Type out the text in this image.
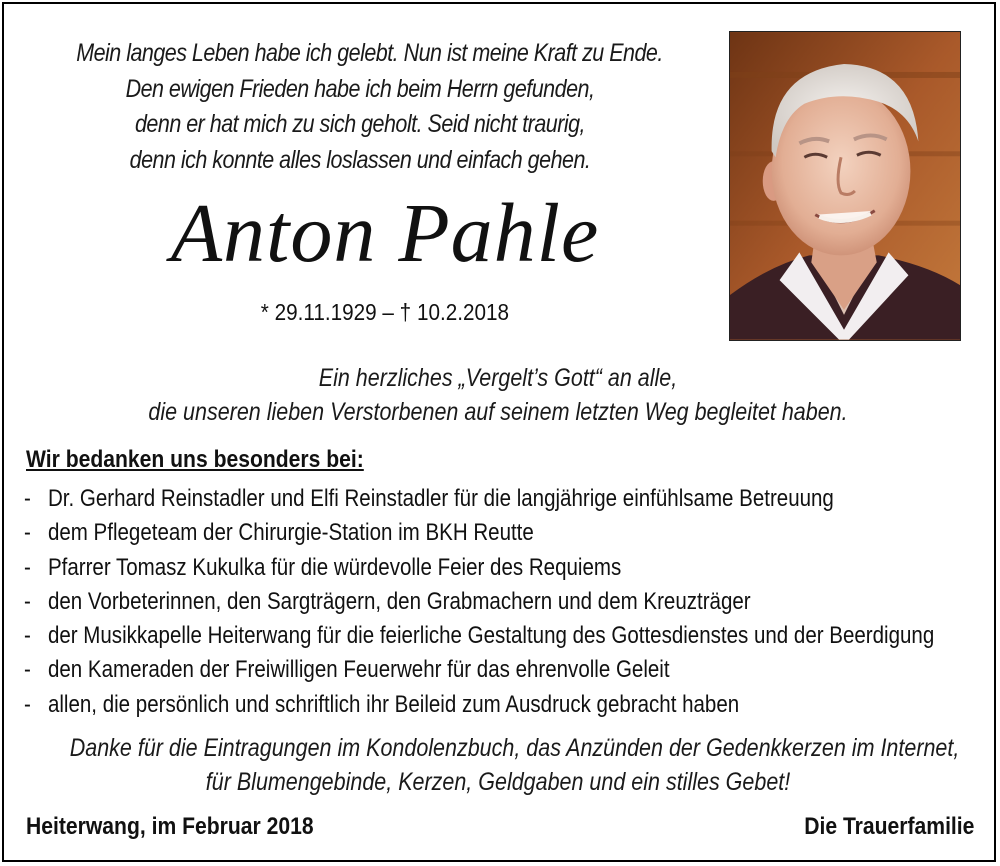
Mein langes Leben habe ich gelebt. Nun ist meine Kraft zu Ende.
Den ewigen Frieden habe ich beim Herrn gefunden,
denn er hat mich zu sich geholt. Seid nicht traurig,
denn ich konnte alles loslassen und einfach gehen.
Anton Pahle
* 29.11.1929 – † 10.2.2018
Ein herzliches „Vergelt’s Gott“ an alle,
die unseren lieben Verstorbenen auf seinem letzten Weg begleitet haben.
Wir bedanken uns besonders bei:
- Dr. Gerhard Reinstadler und Elfi Reinstadler für die langjährige einfühlsame Betreuung
- dem Pflegeteam der Chirurgie-Station im BKH Reutte
- Pfarrer Tomasz Kukulka für die würdevolle Feier des Requiems
- den Vorbeterinnen, den Sargträgern, den Grabmachern und dem Kreuzträger
- der Musikkapelle Heiterwang für die feierliche Gestaltung des Gottesdienstes und der Beerdigung
- den Kameraden der Freiwilligen Feuerwehr für das ehrenvolle Geleit
- allen, die persönlich und schriftlich ihr Beileid zum Ausdruck gebracht haben
Danke für die Eintragungen im Kondolenzbuch, das Anzünden der Gedenkkerzen im Internet,
für Blumengebinde, Kerzen, Geldgaben und ein stilles Gebet!
Heiterwang, im Februar 2018	Die Trauerfamilie
